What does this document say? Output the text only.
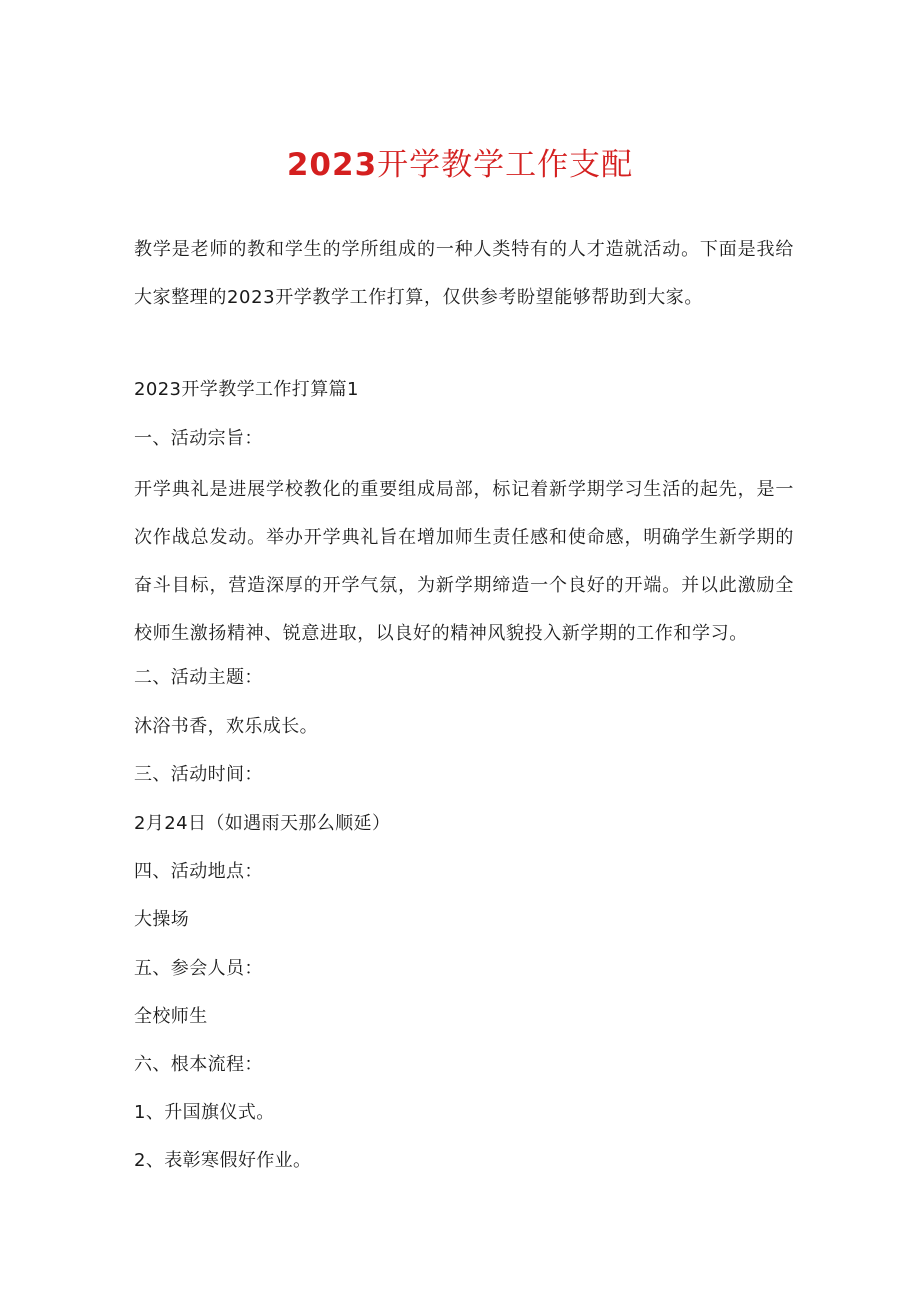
2023开学教学工作支配
教学是老师的教和学生的学所组成的一种人类特有的人才造就活动。下面是我给大家整理的2023开学教学工作打算，仅供参考盼望能够帮助到大家。
2023开学教学工作打算篇1
一、活动宗旨：
开学典礼是进展学校教化的重要组成局部，标记着新学期学习生活的起先，是一次作战总发动。举办开学典礼旨在增加师生责任感和使命感，明确学生新学期的奋斗目标，营造深厚的开学气氛，为新学期缔造一个良好的开端。并以此激励全校师生激扬精神、锐意进取，以良好的精神风貌投入新学期的工作和学习。
二、活动主题：
沐浴书香，欢乐成长。
三、活动时间：
2月24日（如遇雨天那么顺延）
四、活动地点：
大操场
五、参会人员：
全校师生
六、根本流程：
1、升国旗仪式。
2、表彰寒假好作业。
